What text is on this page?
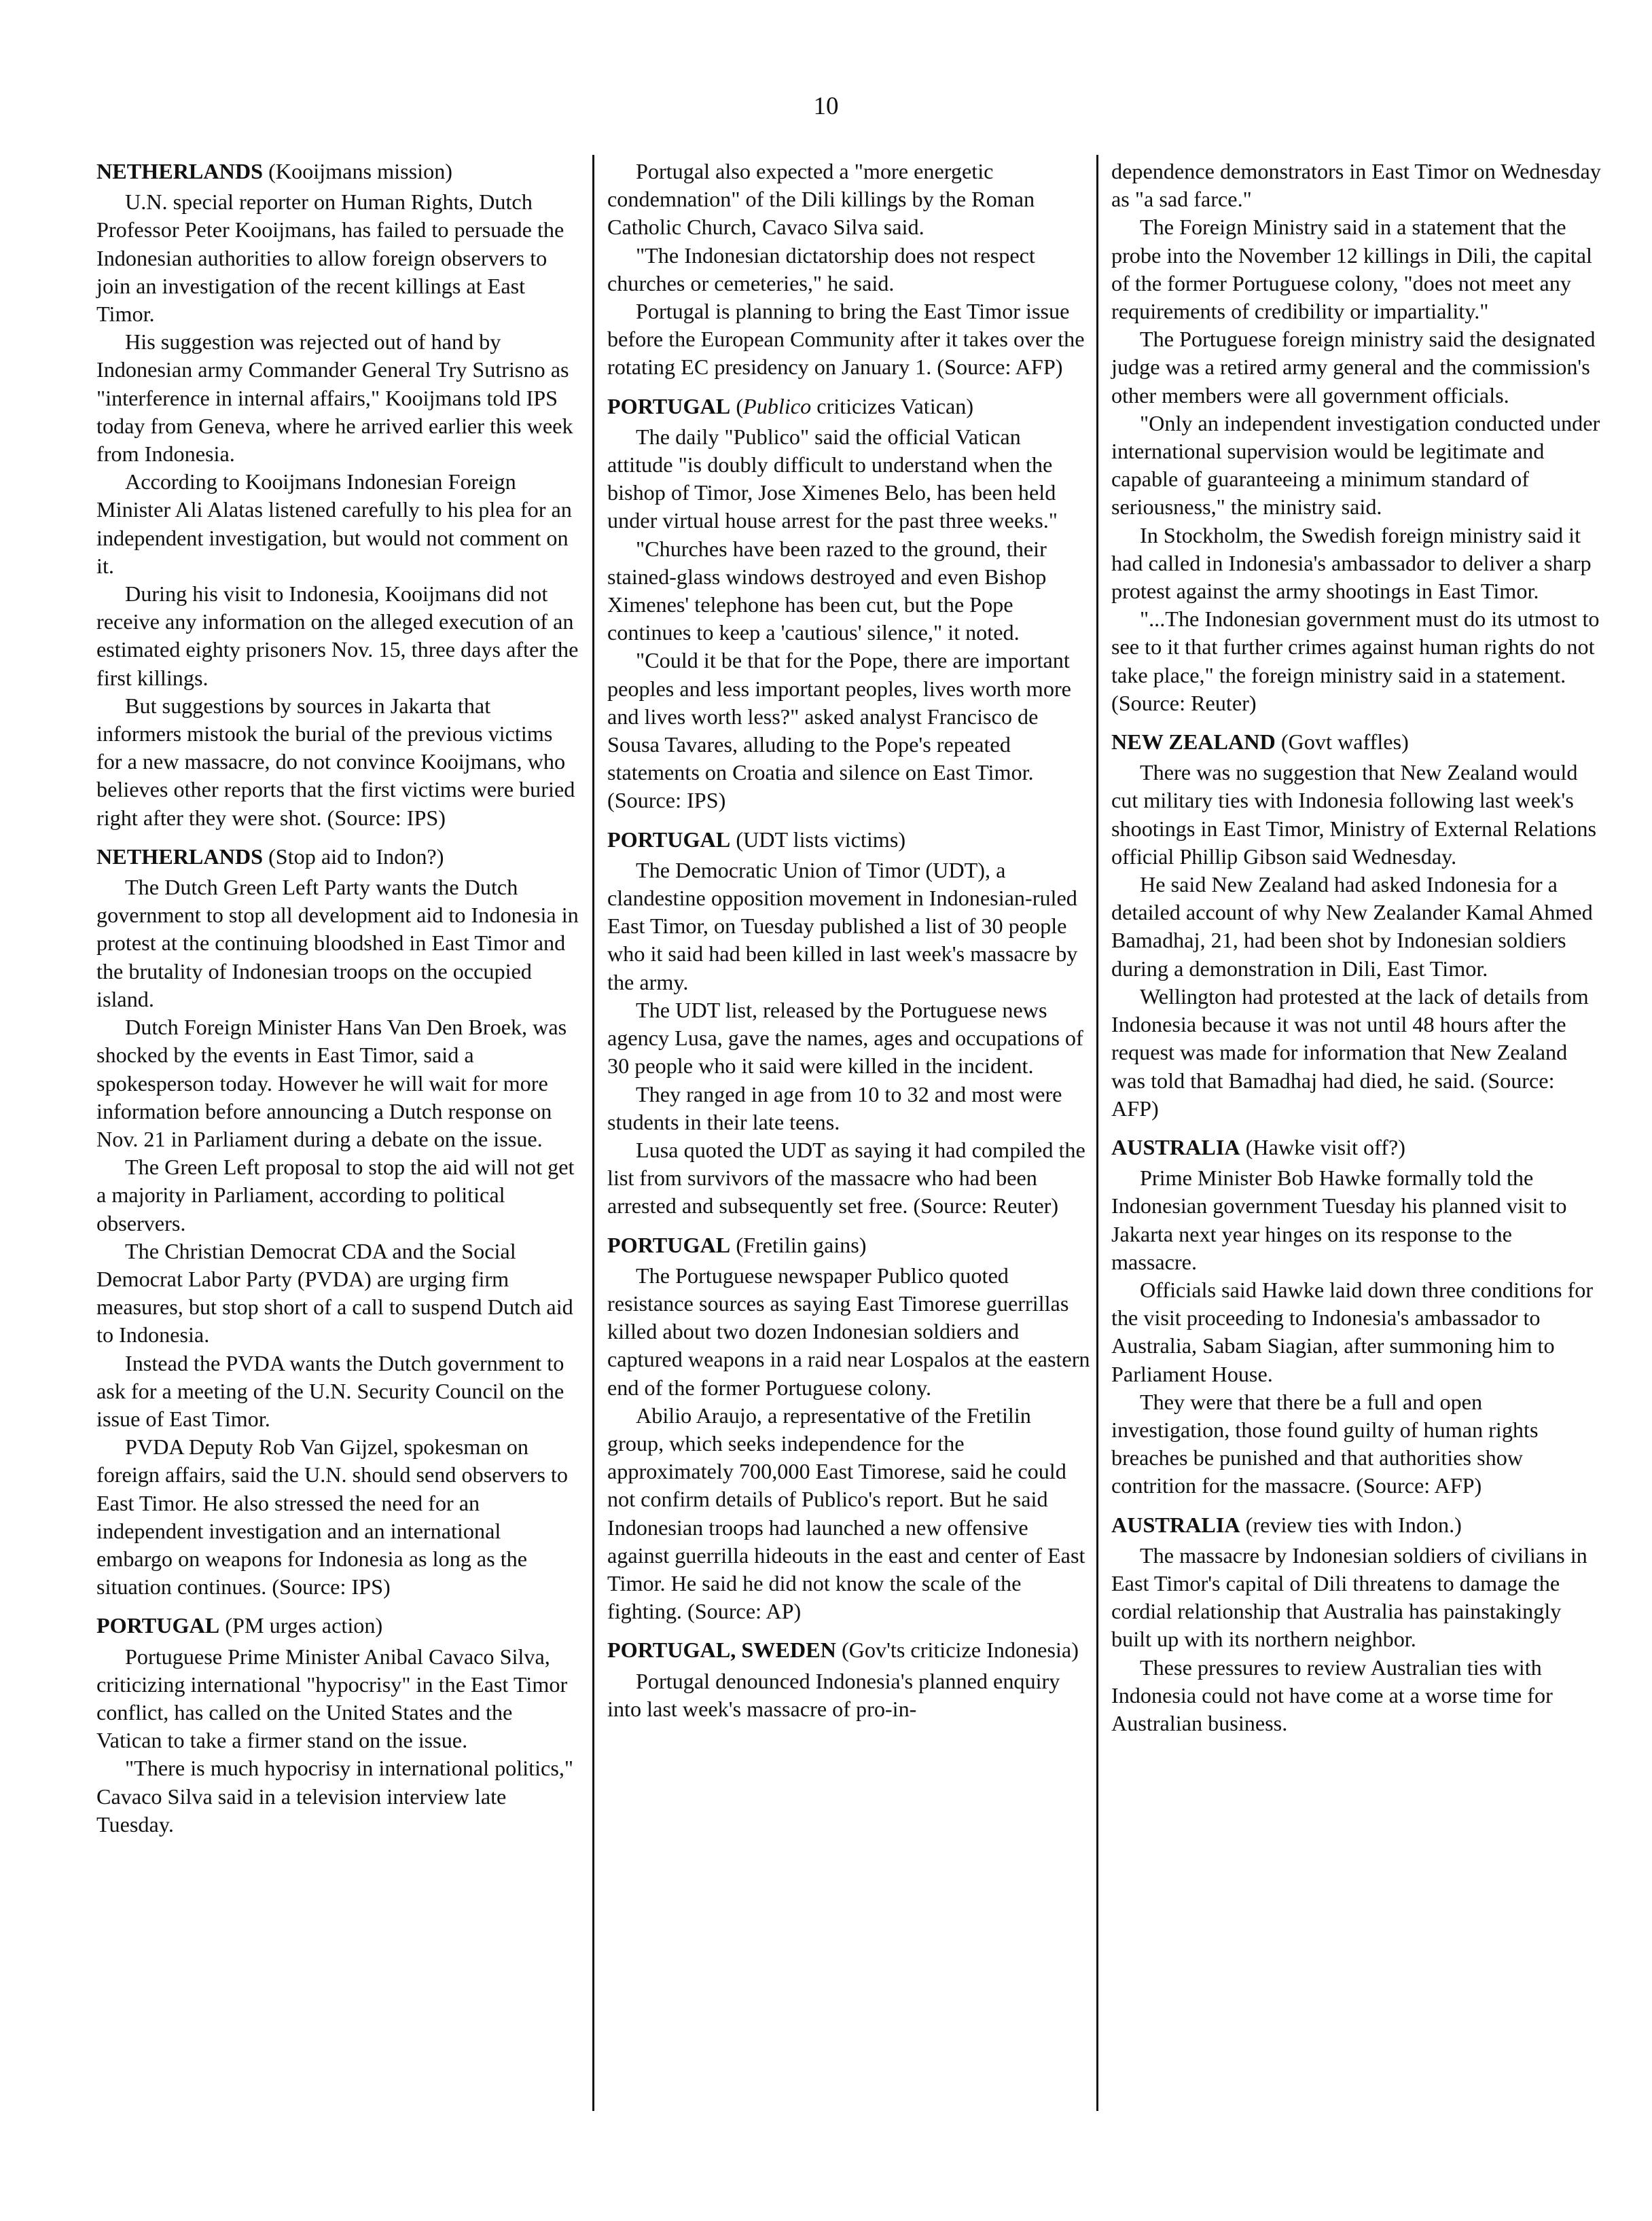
10
NETHERLANDS (Kooijmans mission)

U.N. special reporter on Human Rights, Dutch Professor Peter Kooijmans, has failed to persuade the Indonesian authorities to allow foreign observers to join an investigation of the recent killings at East Timor.

His suggestion was rejected out of hand by Indonesian army Commander General Try Sutrisno as "interference in internal affairs," Kooijmans told IPS today from Geneva, where he arrived earlier this week from Indonesia.

According to Kooijmans Indonesian Foreign Minister Ali Alatas listened carefully to his plea for an independent investigation, but would not comment on it.

During his visit to Indonesia, Kooijmans did not receive any information on the alleged execution of an estimated eighty prisoners Nov. 15, three days after the first killings.

But suggestions by sources in Jakarta that informers mistook the burial of the previous victims for a new massacre, do not convince Kooijmans, who believes other reports that the first victims were buried right after they were shot. (Source: IPS)

NETHERLANDS (Stop aid to Indon?)

The Dutch Green Left Party wants the Dutch government to stop all development aid to Indonesia in protest at the continuing bloodshed in East Timor and the brutality of Indonesian troops on the occupied island.

Dutch Foreign Minister Hans Van Den Broek, was shocked by the events in East Timor, said a spokesperson today. However he will wait for more information before announcing a Dutch response on Nov. 21 in Parliament during a debate on the issue.

The Green Left proposal to stop the aid will not get a majority in Parliament, according to political observers.

The Christian Democrat CDA and the Social Democrat Labor Party (PVDA) are urging firm measures, but stop short of a call to suspend Dutch aid to Indonesia.

Instead the PVDA wants the Dutch government to ask for a meeting of the U.N. Security Council on the issue of East Timor.

PVDA Deputy Rob Van Gijzel, spokesman on foreign affairs, said the U.N. should send observers to East Timor. He also stressed the need for an independent investigation and an international embargo on weapons for Indonesia as long as the situation continues. (Source: IPS)

PORTUGAL (PM urges action)

Portuguese Prime Minister Anibal Cavaco Silva, criticizing international "hypocrisy" in the East Timor conflict, has called on the United States and the Vatican to take a firmer stand on the issue.

"There is much hypocrisy in international politics," Cavaco Silva said in a television interview late Tuesday.

Portugal also expected a "more energetic condemnation" of the Dili killings by the Roman Catholic Church, Cavaco Silva said.

"The Indonesian dictatorship does not respect churches or cemeteries," he said.

Portugal is planning to bring the East Timor issue before the European Community after it takes over the rotating EC presidency on January 1. (Source: AFP)

PORTUGAL (Publico criticizes Vatican)

The daily "Publico" said the official Vatican attitude "is doubly difficult to understand when the bishop of Timor, Jose Ximenes Belo, has been held under virtual house arrest for the past three weeks."

"Churches have been razed to the ground, their stained-glass windows destroyed and even Bishop Ximenes' telephone has been cut, but the Pope continues to keep a 'cautious' silence," it noted.

"Could it be that for the Pope, there are important peoples and less important peoples, lives worth more and lives worth less?" asked analyst Francisco de Sousa Tavares, alluding to the Pope's repeated statements on Croatia and silence on East Timor. (Source: IPS)

PORTUGAL (UDT lists victims)

The Democratic Union of Timor (UDT), a clandestine opposition movement in Indonesian-ruled East Timor, on Tuesday published a list of 30 people who it said had been killed in last week's massacre by the army.

The UDT list, released by the Portuguese news agency Lusa, gave the names, ages and occupations of 30 people who it said were killed in the incident.

They ranged in age from 10 to 32 and most were students in their late teens.

Lusa quoted the UDT as saying it had compiled the list from survivors of the massacre who had been arrested and subsequently set free. (Source: Reuter)

PORTUGAL (Fretilin gains)

The Portuguese newspaper Publico quoted resistance sources as saying East Timorese guerrillas killed about two dozen Indonesian soldiers and captured weapons in a raid near Lospalos at the eastern end of the former Portuguese colony.

Abilio Araujo, a representative of the Fretilin group, which seeks independence for the approximately 700,000 East Timorese, said he could not confirm details of Publico's report. But he said Indonesian troops had launched a new offensive against guerrilla hideouts in the east and center of East Timor. He said he did not know the scale of the fighting. (Source: AP)

PORTUGAL, SWEDEN (Gov'ts criticize Indonesia)

Portugal denounced Indonesia's planned enquiry into last week's massacre of pro-in-

dependence demonstrators in East Timor on Wednesday as "a sad farce."

The Foreign Ministry said in a statement that the probe into the November 12 killings in Dili, the capital of the former Portuguese colony, "does not meet any requirements of credibility or impartiality."

The Portuguese foreign ministry said the designated judge was a retired army general and the commission's other members were all government officials.

"Only an independent investigation conducted under international supervision would be legitimate and capable of guaranteeing a minimum standard of seriousness," the ministry said.

In Stockholm, the Swedish foreign ministry said it had called in Indonesia's ambassador to deliver a sharp protest against the army shootings in East Timor.

"...The Indonesian government must do its utmost to see to it that further crimes against human rights do not take place," the foreign ministry said in a statement. (Source: Reuter)

NEW ZEALAND (Govt waffles)

There was no suggestion that New Zealand would cut military ties with Indonesia following last week's shootings in East Timor, Ministry of External Relations official Phillip Gibson said Wednesday.

He said New Zealand had asked Indonesia for a detailed account of why New Zealander Kamal Ahmed Bamadhaj, 21, had been shot by Indonesian soldiers during a demonstration in Dili, East Timor.

Wellington had protested at the lack of details from Indonesia because it was not until 48 hours after the request was made for information that New Zealand was told that Bamadhaj had died, he said. (Source: AFP)

AUSTRALIA (Hawke visit off?)

Prime Minister Bob Hawke formally told the Indonesian government Tuesday his planned visit to Jakarta next year hinges on its response to the massacre.

Officials said Hawke laid down three conditions for the visit proceeding to Indonesia's ambassador to Australia, Sabam Siagian, after summoning him to Parliament House.

They were that there be a full and open investigation, those found guilty of human rights breaches be punished and that authorities show contrition for the massacre. (Source: AFP)

AUSTRALIA (review ties with Indon.)

The massacre by Indonesian soldiers of civilians in East Timor's capital of Dili threatens to damage the cordial relationship that Australia has painstakingly built up with its northern neighbor.

These pressures to review Australian ties with Indonesia could not have come at a worse time for Australian business.
